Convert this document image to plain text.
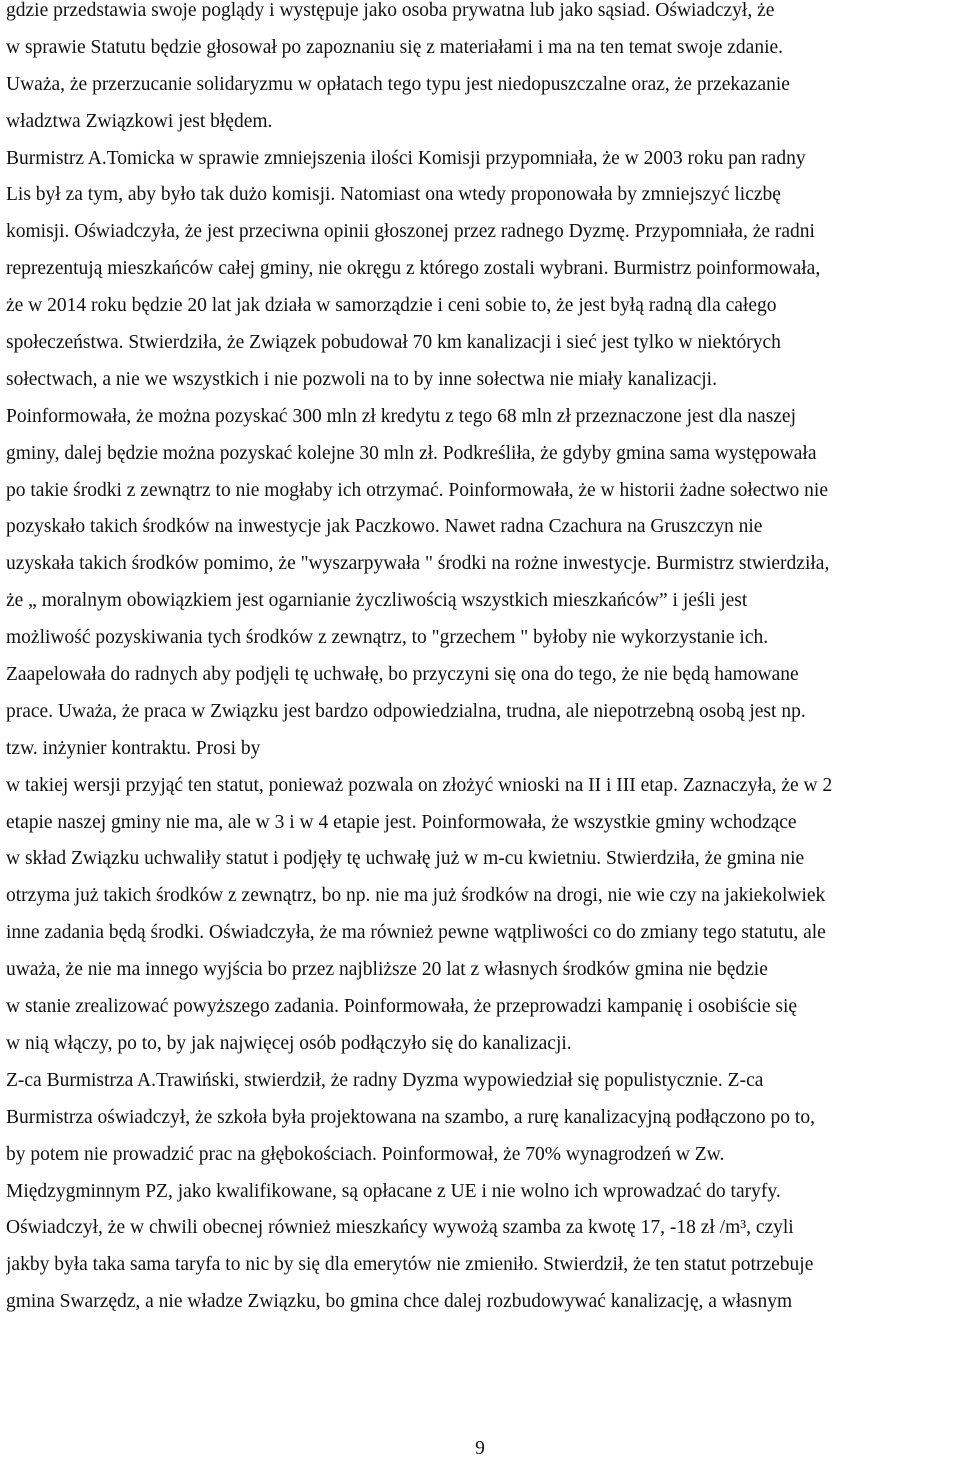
gdzie przedstawia swoje poglądy i występuje jako osoba prywatna lub jako sąsiad. Oświadczył, że
w sprawie Statutu będzie głosował po zapoznaniu się z materiałami i ma na ten temat swoje zdanie.
Uważa, że przerzucanie solidaryzmu w opłatach tego typu jest niedopuszczalne oraz, że przekazanie
władztwa Związkowi jest błędem.
Burmistrz A.Tomicka w sprawie zmniejszenia ilości Komisji przypomniała, że w 2003 roku pan radny
Lis był za tym, aby było tak dużo komisji. Natomiast ona wtedy proponowała by zmniejszyć liczbę
komisji. Oświadczyła, że jest przeciwna opinii głoszonej przez radnego Dyzmę. Przypomniała, że radni
reprezentują mieszkańców całej gminy, nie okręgu z którego zostali wybrani. Burmistrz poinformowała,
że w 2014 roku będzie 20 lat jak działa w samorządzie i ceni sobie to, że jest byłą radną dla całego
społeczeństwa. Stwierdziła, że Związek pobudował 70 km kanalizacji i sieć jest tylko w niektórych
sołectwach, a nie we wszystkich i nie pozwoli na to by inne sołectwa nie miały kanalizacji.
Poinformowała, że można pozyskać 300 mln zł kredytu z tego 68 mln zł przeznaczone jest dla naszej
gminy, dalej będzie można pozyskać kolejne 30 mln zł. Podkreśliła, że gdyby gmina sama występowała
po takie środki z zewnątrz to nie mogłaby ich otrzymać. Poinformowała, że w historii żadne sołectwo nie
pozyskało takich środków na inwestycje jak Paczkowo. Nawet radna Czachura na Gruszczyn nie
uzyskała takich środków pomimo, że "wyszarpywała " środki na rożne inwestycje. Burmistrz stwierdziła,
że „ moralnym obowiązkiem jest ogarnianie życzliwością wszystkich mieszkańców” i jeśli jest
możliwość pozyskiwania tych środków z zewnątrz, to "grzechem " byłoby nie wykorzystanie ich.
Zaapelowała do radnych aby podjęli tę uchwałę, bo przyczyni się ona do tego, że nie będą hamowane
prace. Uważa, że praca w Związku jest bardzo odpowiedzialna, trudna, ale niepotrzebną osobą jest np.
tzw. inżynier kontraktu. Prosi by
w takiej wersji przyjąć ten statut, ponieważ pozwala on złożyć wnioski na II i III etap. Zaznaczyła, że w 2
etapie naszej gminy nie ma, ale w 3 i w 4 etapie jest. Poinformowała, że wszystkie gminy wchodzące
w skład Związku uchwaliły statut i podjęły tę uchwałę już w m-cu kwietniu. Stwierdziła, że gmina nie
otrzyma już takich środków z zewnątrz, bo np. nie ma już środków na drogi, nie wie czy na jakiekolwiek
inne zadania będą środki. Oświadczyła, że ma również pewne wątpliwości co do zmiany tego statutu, ale
uważa, że nie ma innego wyjścia bo przez najbliższe 20 lat z własnych środków gmina nie będzie
w stanie zrealizować powyższego zadania. Poinformowała, że przeprowadzi kampanię i osobiście się
w nią włączy, po to, by jak najwięcej osób podłączyło się do kanalizacji.
Z-ca Burmistrza A.Trawiński, stwierdził, że radny Dyzma wypowiedział się populistycznie. Z-ca
Burmistrza oświadczył, że szkoła była projektowana na szambo, a rurę kanalizacyjną podłączono po to,
by potem nie prowadzić prac na głębokościach. Poinformował, że 70% wynagrodzeń w Zw.
Międzygminnym PZ, jako kwalifikowane, są opłacane z UE i nie wolno ich wprowadzać do taryfy.
Oświadczył, że w chwili obecnej również mieszkańcy wywożą szamba za kwotę 17, -18 zł /m³, czyli
jakby była taka sama taryfa to nic by się dla emerytów nie zmieniło. Stwierdził, że ten statut potrzebuje
gmina Swarzędz, a nie władze Związku, bo gmina chce dalej rozbudowywać kanalizację, a własnym
9
